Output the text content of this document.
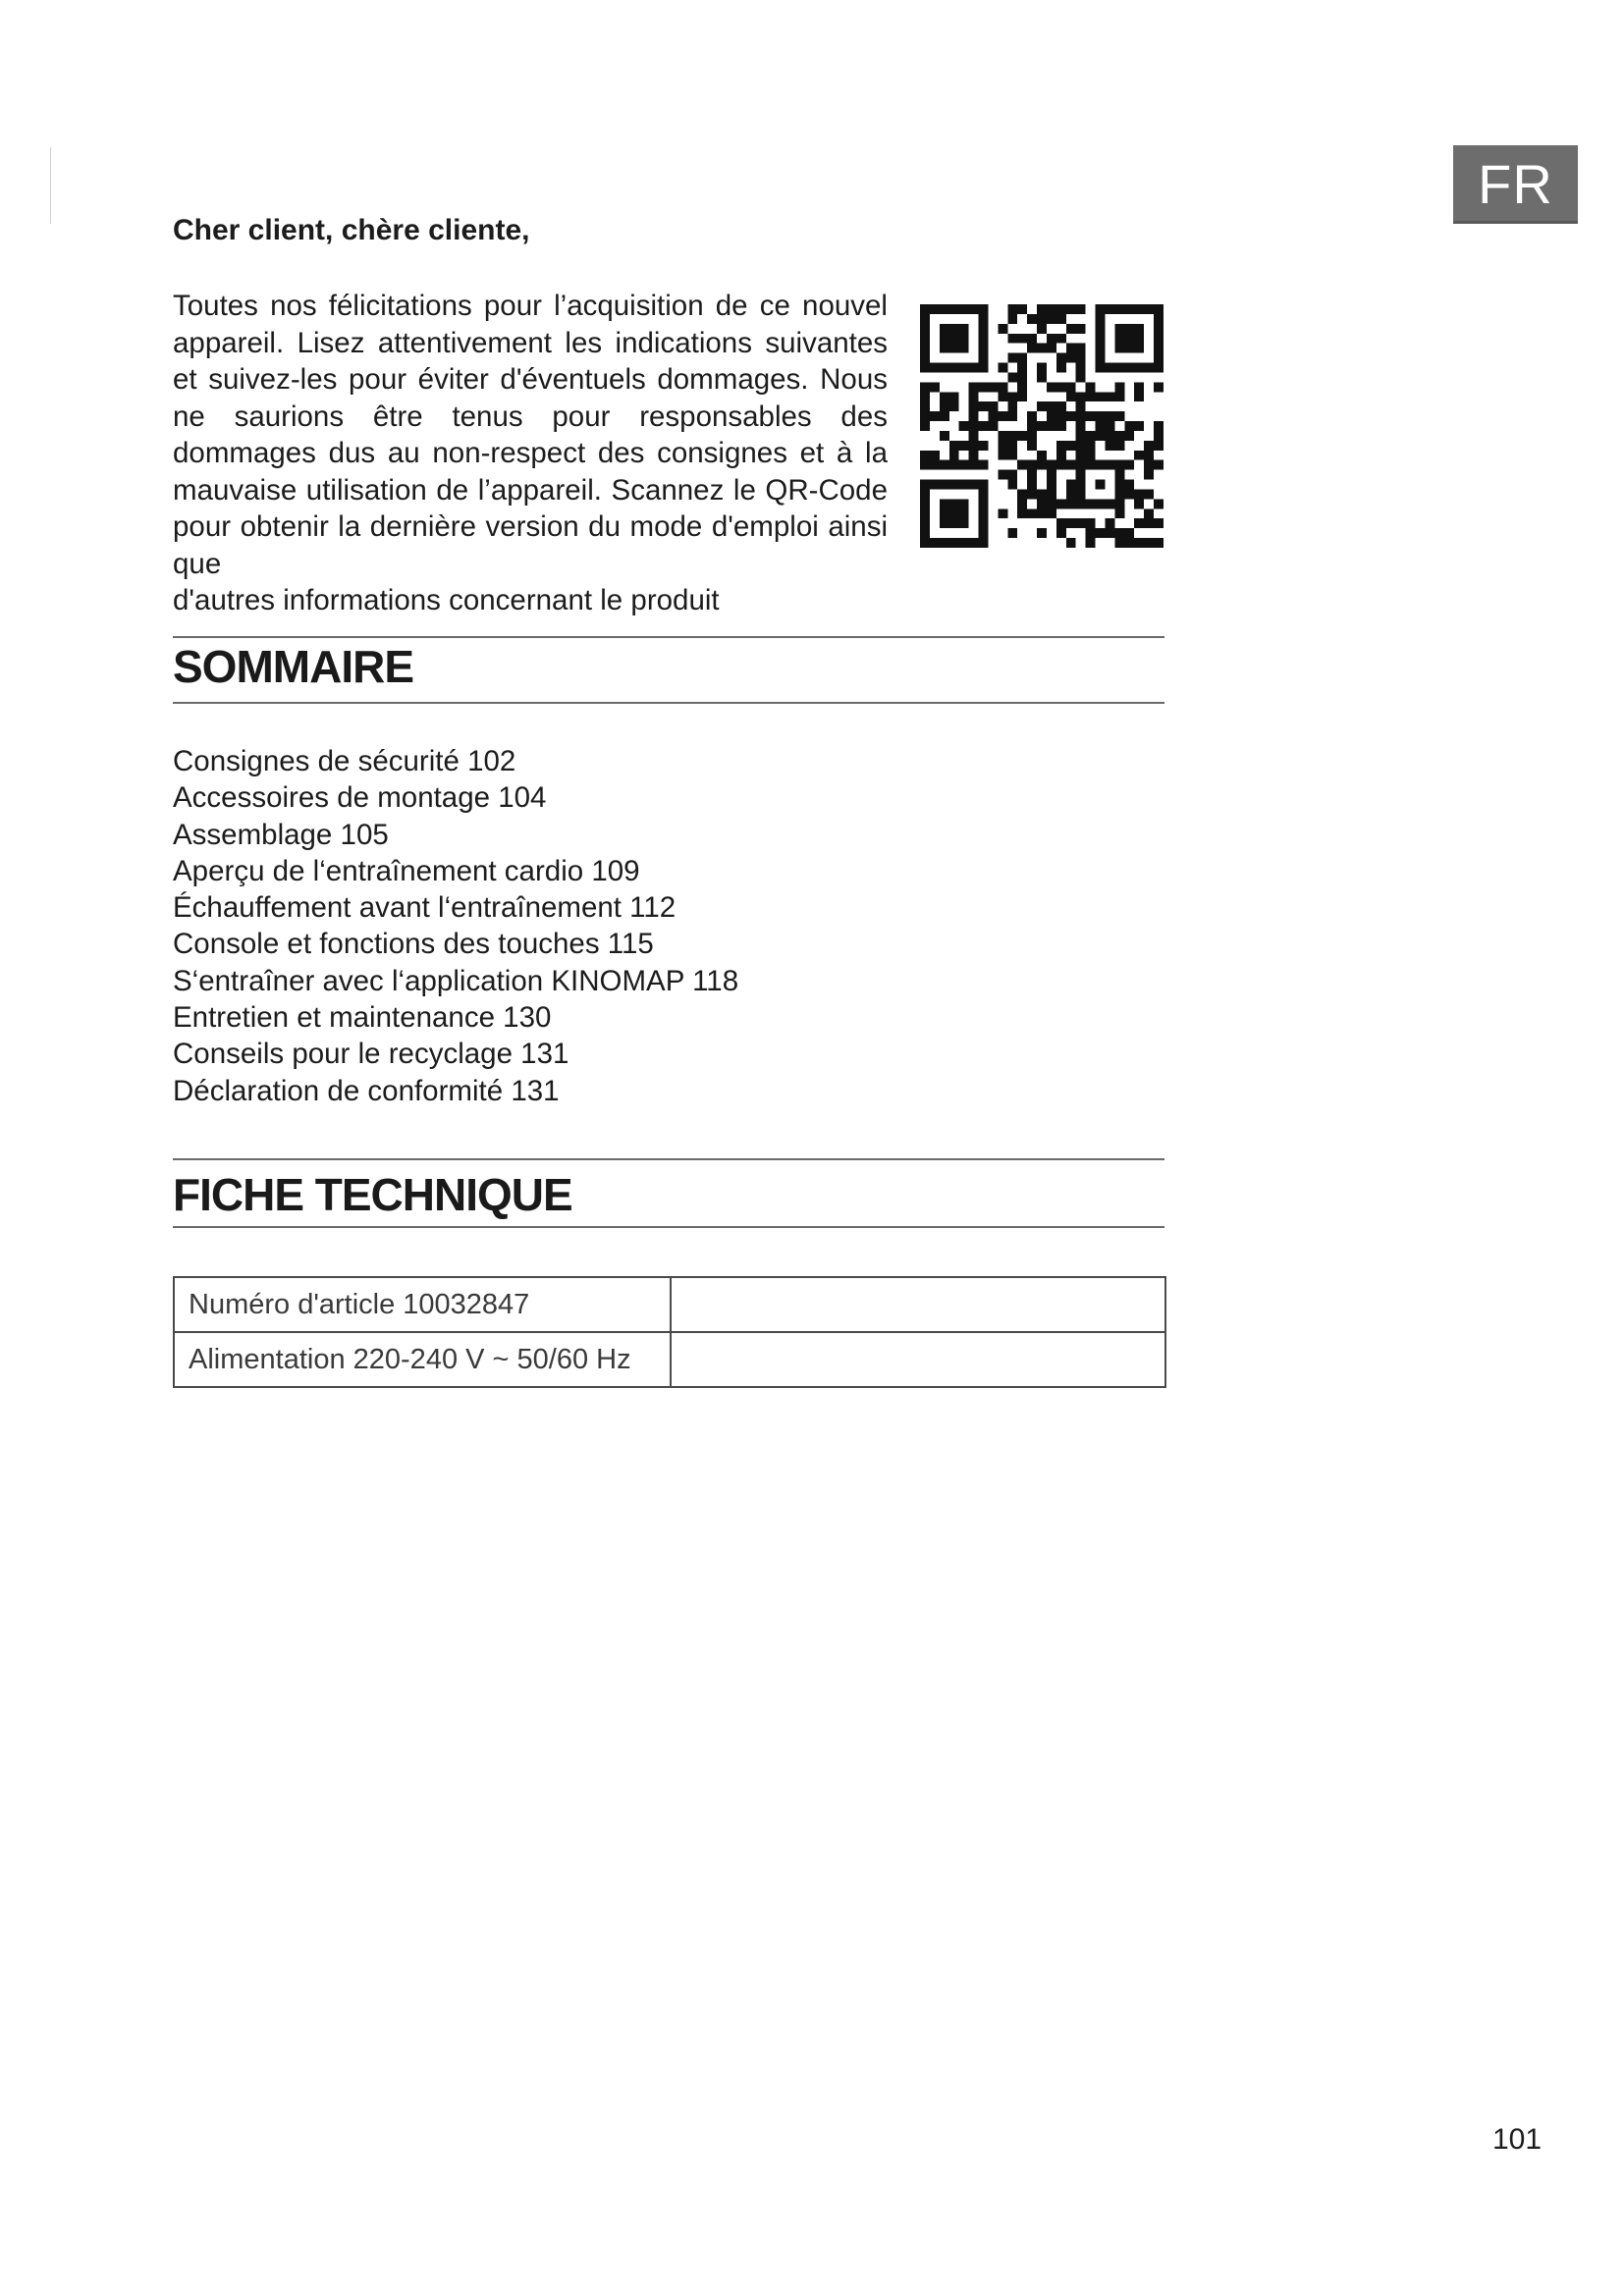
FR

Cher client, chère cliente,

Toutes nos félicitations pour l’acquisition de ce nouvel appareil. Lisez attentivement les indications suivantes et suivez-les pour éviter d'éventuels dommages. Nous ne saurions être tenus pour responsables des dommages dus au non-respect des consignes et à la mauvaise utilisation de l’appareil. Scannez le QR-Code pour obtenir la dernière version du mode d'emploi ainsi que
d'autres informations concernant le produit

SOMMAIRE
Consignes de sécurité 102
Accessoires de montage 104
Assemblage 105
Aperçu de l‘entraînement cardio 109
Échauffement avant l‘entraînement 112
Console et fonctions des touches 115
S‘entraîner avec l‘application KINOMAP 118
Entretien et maintenance 130
Conseils pour le recyclage 131
Déclaration de conformité 131
FICHE TECHNIQUE
Numéro d'article 10032847	
Alimentation 220-240 V ~ 50/60 Hz	
101
